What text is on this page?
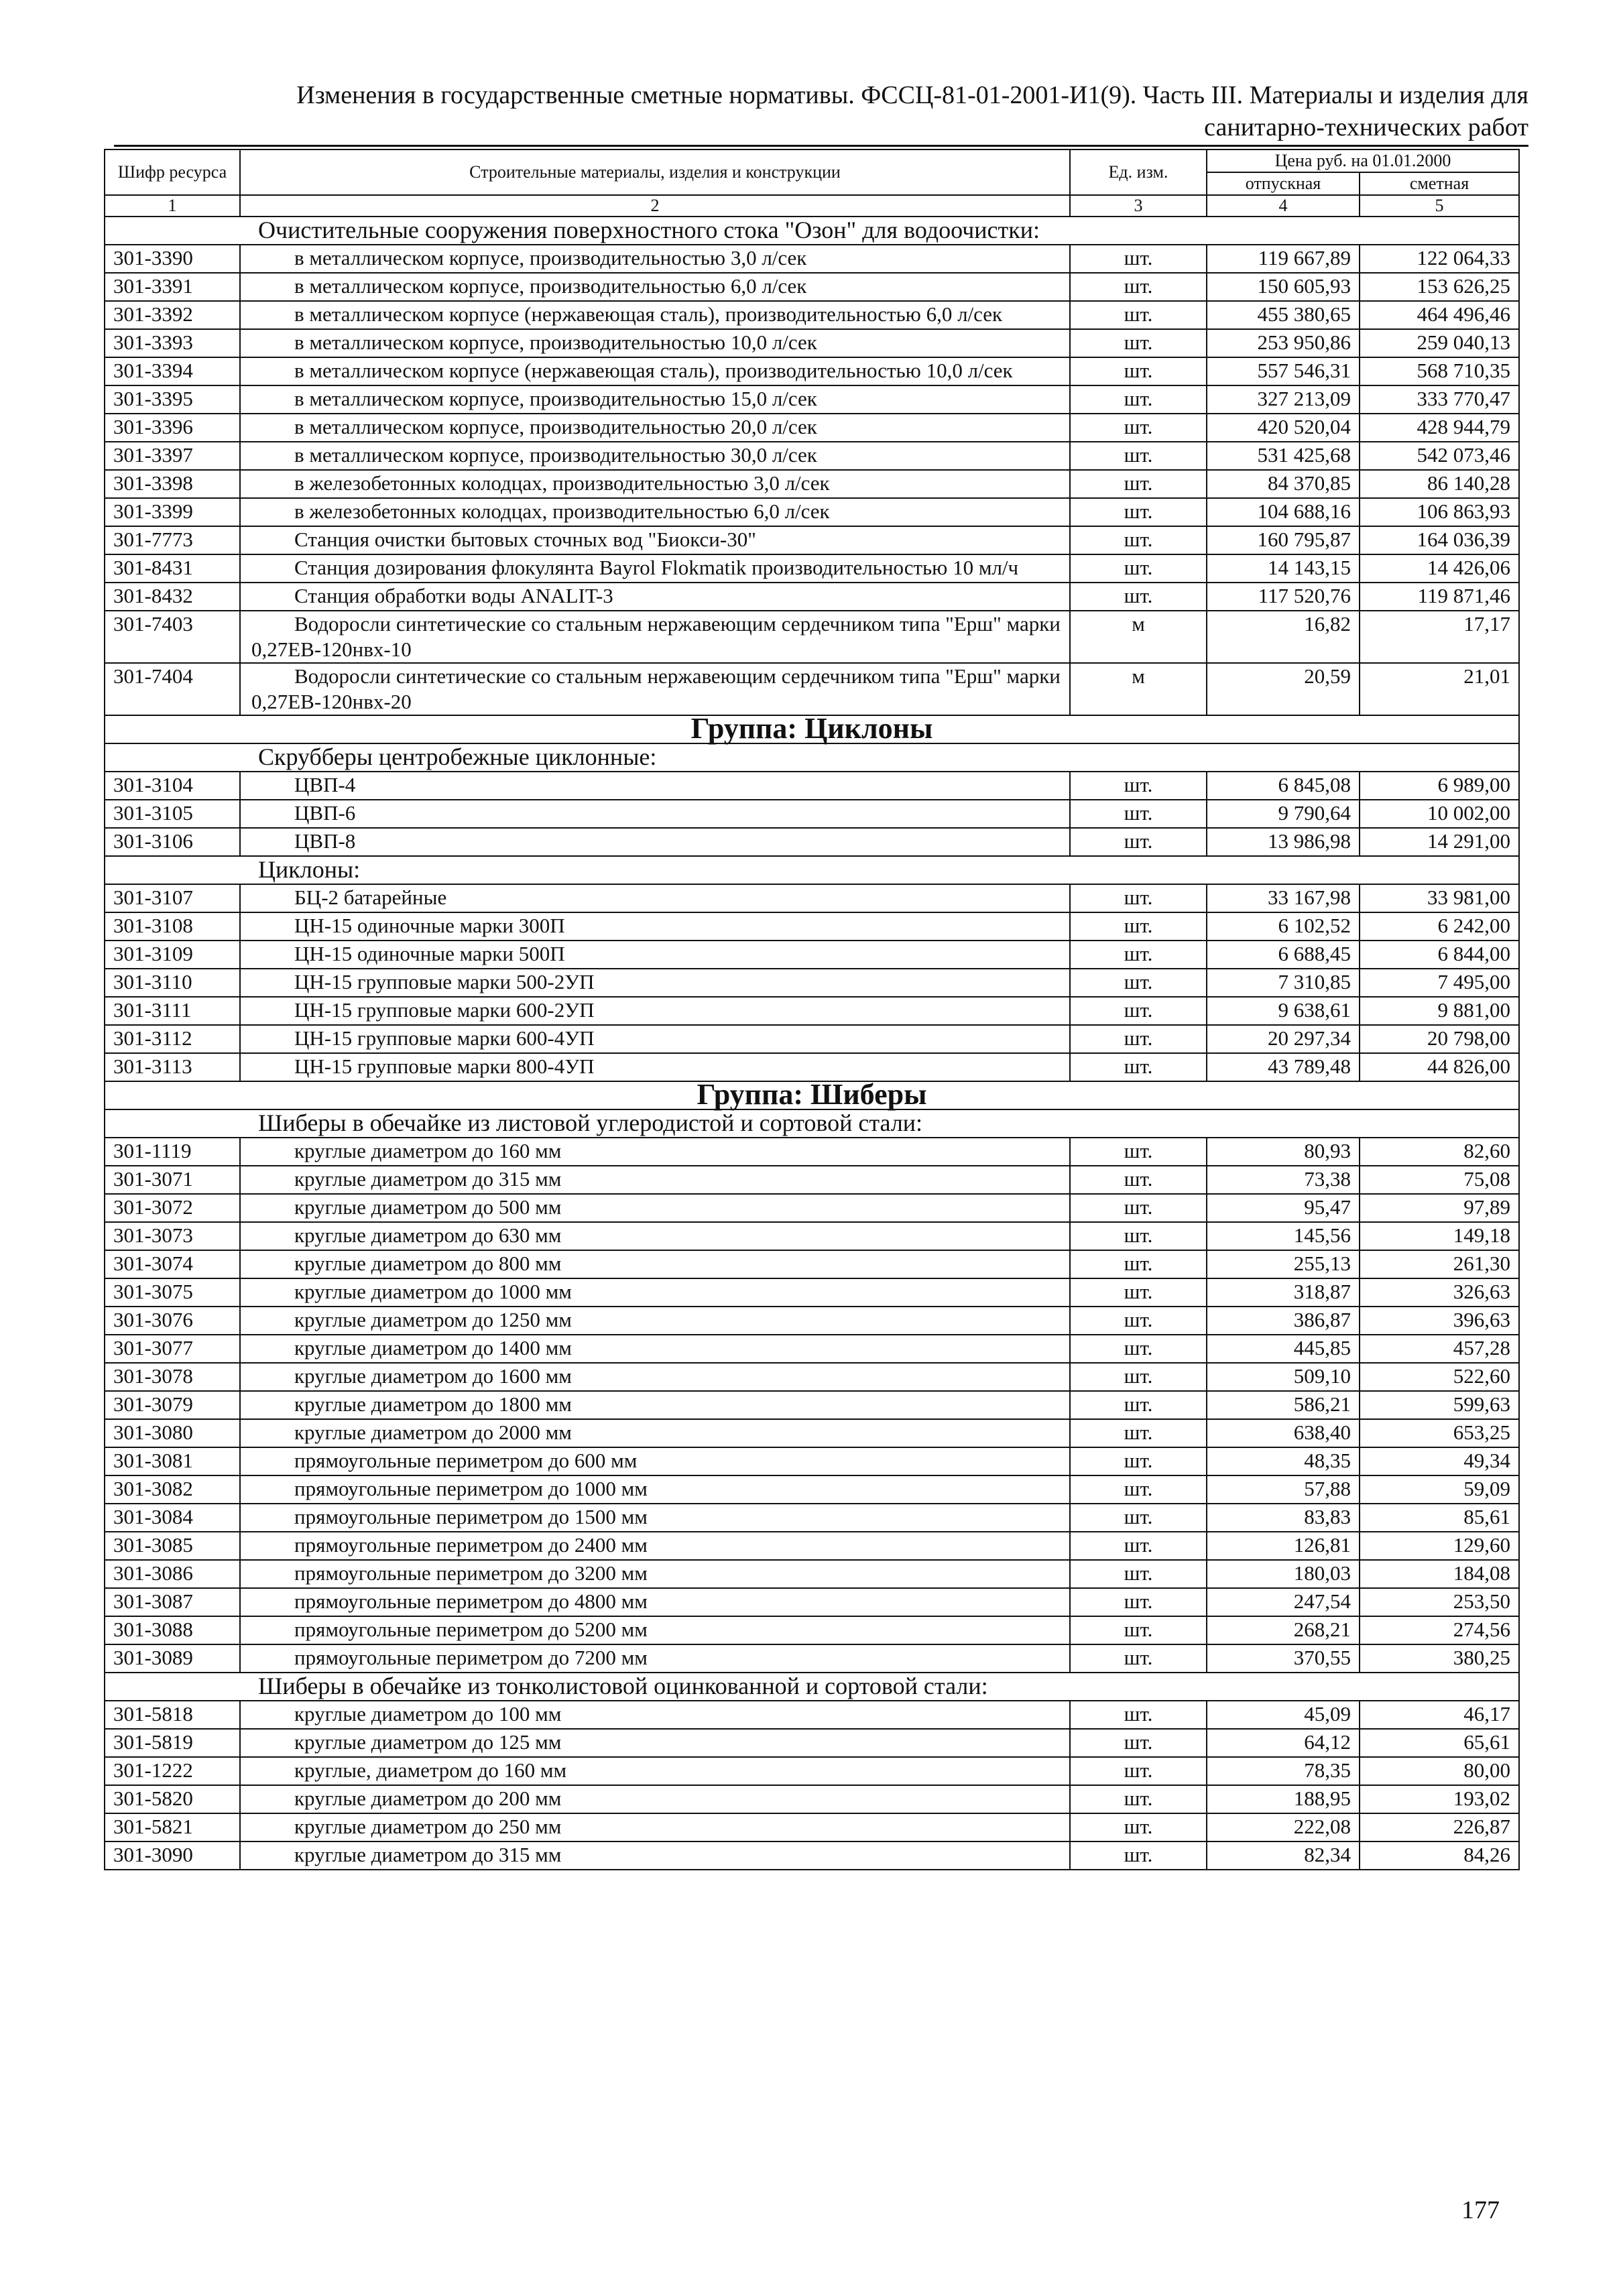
Изменения в государственные сметные нормативы. ФССЦ-81-01-2001-И1(9). Часть III. Материалы и изделия для
санитарно-технических работ
Шифр ресурса	Строительные материалы, изделия и конструкции	Ед. изм.	Цена руб. на 01.01.2000	
			отпускная	сметная
1	2	3	4	5
Очистительные сооружения поверхностного стока "Озон" для водоочистки:				
301-3390	в металлическом корпусе, производительностью 3,0 л/сек	шт.	119 667,89	122 064,33
301-3391	в металлическом корпусе, производительностью 6,0 л/сек	шт.	150 605,93	153 626,25
301-3392	в металлическом корпусе (нержавеющая сталь), производительностью 6,0 л/сек	шт.	455 380,65	464 496,46
301-3393	в металлическом корпусе, производительностью 10,0 л/сек	шт.	253 950,86	259 040,13
301-3394	в металлическом корпусе (нержавеющая сталь), производительностью 10,0 л/сек	шт.	557 546,31	568 710,35
301-3395	в металлическом корпусе, производительностью 15,0 л/сек	шт.	327 213,09	333 770,47
301-3396	в металлическом корпусе, производительностью 20,0 л/сек	шт.	420 520,04	428 944,79
301-3397	в металлическом корпусе, производительностью 30,0 л/сек	шт.	531 425,68	542 073,46
301-3398	в железобетонных колодцах, производительностью 3,0 л/сек	шт.	84 370,85	86 140,28
301-3399	в железобетонных колодцах, производительностью 6,0 л/сек	шт.	104 688,16	106 863,93
301-7773	Станция очистки бытовых сточных вод "Биокси-30"	шт.	160 795,87	164 036,39
301-8431	Станция дозирования флокулянта Bayrol Flokmatik производительностью 10 мл/ч	шт.	14 143,15	14 426,06
301-8432	Станция обработки воды ANALIT-3	шт.	117 520,76	119 871,46
301-7403	Водоросли синтетические со стальным нержавеющим сердечником типа "Ерш" марки 0,27ЕВ-120нвх-10	м	16,82	17,17
301-7404	Водоросли синтетические со стальным нержавеющим сердечником типа "Ерш" марки 0,27ЕВ-120нвх-20	м	20,59	21,01
Группа: Циклоны				
Скрубберы центробежные циклонные:				
301-3104	ЦВП-4	шт.	6 845,08	6 989,00
301-3105	ЦВП-6	шт.	9 790,64	10 002,00
301-3106	ЦВП-8	шт.	13 986,98	14 291,00
Циклоны:				
301-3107	БЦ-2 батарейные	шт.	33 167,98	33 981,00
301-3108	ЦН-15 одиночные марки 300П	шт.	6 102,52	6 242,00
301-3109	ЦН-15 одиночные марки 500П	шт.	6 688,45	6 844,00
301-3110	ЦН-15 групповые марки 500-2УП	шт.	7 310,85	7 495,00
301-3111	ЦН-15 групповые марки 600-2УП	шт.	9 638,61	9 881,00
301-3112	ЦН-15 групповые марки 600-4УП	шт.	20 297,34	20 798,00
301-3113	ЦН-15 групповые марки 800-4УП	шт.	43 789,48	44 826,00
Группа: Шиберы				
Шиберы в обечайке из листовой углеродистой и сортовой стали:				
301-1119	круглые диаметром до 160 мм	шт.	80,93	82,60
301-3071	круглые диаметром до 315 мм	шт.	73,38	75,08
301-3072	круглые диаметром до 500 мм	шт.	95,47	97,89
301-3073	круглые диаметром до 630 мм	шт.	145,56	149,18
301-3074	круглые диаметром до 800 мм	шт.	255,13	261,30
301-3075	круглые диаметром до 1000 мм	шт.	318,87	326,63
301-3076	круглые диаметром до 1250 мм	шт.	386,87	396,63
301-3077	круглые диаметром до 1400 мм	шт.	445,85	457,28
301-3078	круглые диаметром до 1600 мм	шт.	509,10	522,60
301-3079	круглые диаметром до 1800 мм	шт.	586,21	599,63
301-3080	круглые диаметром до 2000 мм	шт.	638,40	653,25
301-3081	прямоугольные периметром до 600 мм	шт.	48,35	49,34
301-3082	прямоугольные периметром до 1000 мм	шт.	57,88	59,09
301-3084	прямоугольные периметром до 1500 мм	шт.	83,83	85,61
301-3085	прямоугольные периметром до 2400 мм	шт.	126,81	129,60
301-3086	прямоугольные периметром до 3200 мм	шт.	180,03	184,08
301-3087	прямоугольные периметром до 4800 мм	шт.	247,54	253,50
301-3088	прямоугольные периметром до 5200 мм	шт.	268,21	274,56
301-3089	прямоугольные периметром до 7200 мм	шт.	370,55	380,25
Шиберы в обечайке из тонколистовой оцинкованной и сортовой стали:				
301-5818	круглые диаметром до 100 мм	шт.	45,09	46,17
301-5819	круглые диаметром до 125 мм	шт.	64,12	65,61
301-1222	круглые, диаметром до 160 мм	шт.	78,35	80,00
301-5820	круглые диаметром до 200 мм	шт.	188,95	193,02
301-5821	круглые диаметром до 250 мм	шт.	222,08	226,87
301-3090	круглые диаметром до 315 мм	шт.	82,34	84,26
177
